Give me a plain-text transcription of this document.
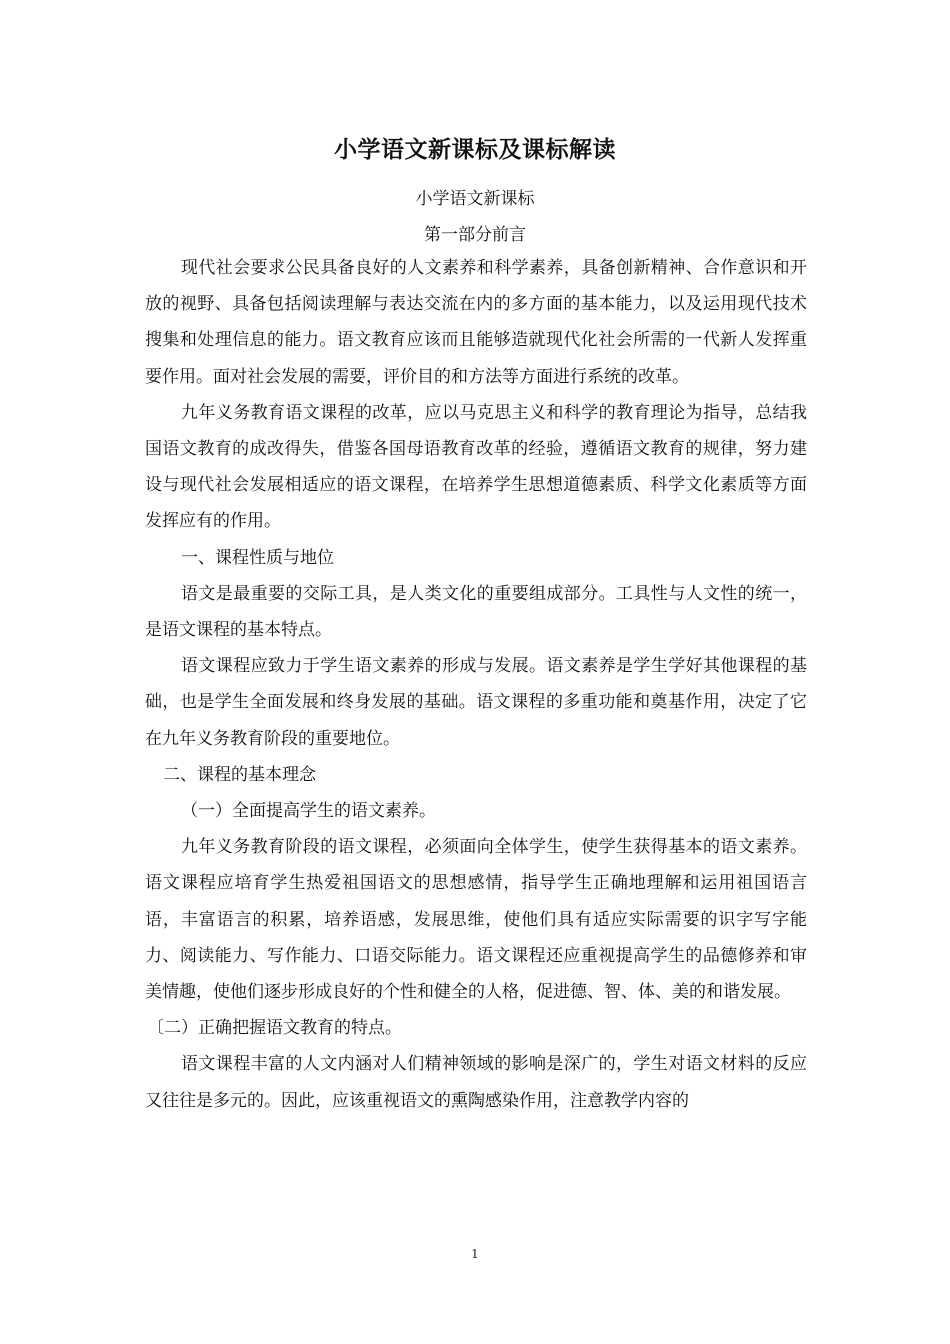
小学语文新课标及课标解读
小学语文新课标
第一部分前言

现代社会要求公民具备良好的人文素养和科学素养，具备创新精神、合作意识和开放的视野、具备包括阅读理解与表达交流在内的多方面的基本能力，以及运用现代技术搜集和处理信息的能力。语文教育应该而且能够造就现代化社会所需的一代新人发挥重要作用。面对社会发展的需要，评价目的和方法等方面进行系统的改革。

九年义务教育语文课程的改革，应以马克思主义和科学的教育理论为指导，总结我国语文教育的成改得失，借鉴各国母语教育改革的经验，遵循语文教育的规律，努力建设与现代社会发展相适应的语文课程，在培养学生思想道德素质、科学文化素质等方面发挥应有的作用。

一、课程性质与地位

语文是最重要的交际工具，是人类文化的重要组成部分。工具性与人文性的统一，是语文课程的基本特点。

语文课程应致力于学生语文素养的形成与发展。语文素养是学生学好其他课程的基础，也是学生全面发展和终身发展的基础。语文课程的多重功能和奠基作用，决定了它在九年义务教育阶段的重要地位。

二、课程的基本理念

（一）全面提高学生的语文素养。

九年义务教育阶段的语文课程，必须面向全体学生，使学生获得基本的语文素养。语文课程应培育学生热爱祖国语文的思想感情，指导学生正确地理解和运用祖国语言语，丰富语言的积累，培养语感，发展思维，使他们具有适应实际需要的识字写字能力、阅读能力、写作能力、口语交际能力。语文课程还应重视提高学生的品德修养和审美情趣，使他们逐步形成良好的个性和健全的人格，促进德、智、体、美的和谐发展。

〔二）正确把握语文教育的特点。

语文课程丰富的人文内涵对人们精神领域的影响是深广的，学生对语文材料的反应又往往是多元的。因此，应该重视语文的熏陶感染作用，注意教学内容的

1
